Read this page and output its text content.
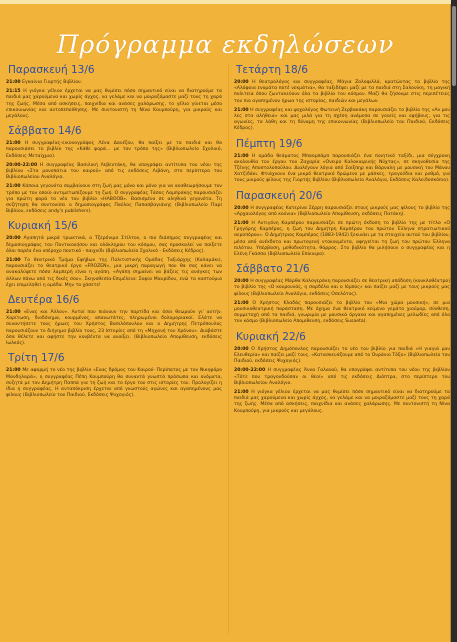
Πρόγραμμα εκδηλώσεων
Παρασκευή 13/6
21:00 Εγκαίνια Γιορτής Βιβλίου.
21:15 Η γιόγκα γέλιου έρχεται να μας θυμίσει πόσο σημαντικό είναι να διατηρούμε τα παιδιά μας χαρούμενα και χωρίς άγχος, να γελάμε και να μοιραζόμαστε μαζί τους τη χαρά της ζωής. Μέσα από ασκήσεις, παιχνίδια και ανάσες χαλάρωσης, το γέλιο γίνεται μέσο επικοινωνίας και αυτοπεποίθησης. Με συντονιστή τη Νίνα Κουμπούρη, για μικρούς και μεγάλους.
Σάββατο 14/6
21:00 Η συγγραφέας-εικονογράφος Λένα Δανέζου, θα παίξει με τα παιδιά και θα παρουσιάσει το βιβλίο της «Κάθε φορά… με τον τρόπο της» (Βιβλιοπωλείο Σχολικό, Εκδόσεις Μεταίχμιο).
20:00-22:00 Η συγγραφέας Βασιλική Λεβεντάκη, θα υπογράφει αντίτυπα του νέου της βιβλίου «Στα μονοπάτια του καιρού» από τις εκδόσεις Λιβάνη, στο περίπτερο του Βιβλιοπωλείου Αναλόγιο.
21:00 Κάποια γεγονότα συμβαίνουν στη ζωή μας μόνο και μόνο για να αναθεωρήσουμε τον τρόπο με τον οποίο αντιμετωπίζουμε τη ζωή. Ο συγγραφέας Τάσος Λαμπράκης παρουσιάζει για πρώτη φορά το νέο του βιβλίο «ΗΑΒΟΟΒ». Βασισμένο σε αληθινά γεγονότα. Τη συζήτηση θα συντονίσει ο δημοσιογράφος Παύλος Παπασβαγιάνης (Βιβλιοπωλείο Παρί Βιβλίου, εκδόσεις andy's publishers).
Κυριακή 15/6
20:00 Αγαπητά μικρά τρωκτικά, ο Τζερόνιμο Στίλτον, ο πιο διάσημος συγγραφέας και δημοσιογράφος του Ποντικονήσου και ολόκληρου του κόσμου, σας προσκαλεί να παίξετε όλοι παρέα ένα υπέροχο ποντικό - παιχνίδι (Βιβλιοπωλείο Σχολικό - Εκδόσεις Κέδρος).
21:00 Το θεατρικό Τμήμα Εφήβων της Πολιτιστικής Ομάδας Ταξιάρχης (Καλαμάκι), παρουσιάζει το θεατρικό έργο «FROZEN», μια μικρή παραγωγή που θα σας κάνει να ανακαλύψετε πόσο λαμπερή είναι η αγάπη. «Αγάπη σημαίνει να βάζεις τις ανάγκες των άλλων πάνω από τις δικές σου». Σκηνοθεσία-Επιμέλεια: Σοφία Μαυρίδου, ενώ τα κοστούμια έχει επιμεληθεί η ομάδα. Μην το χάσετε!
Δευτέρα 16/6
21:00 «Ενας και Άλλον». Αυτοί που πιάνουν την παρτίδα και όσοι θεωρούν γι' αυτήν. Χαρίτωση, διοδόνημα, κουρμένος, απανωτάτες, πληρωμένοι δολομοριακοί. Ελάτε να συναντήσετε τους ήρωες του Χρήστος Βασιλόπουλου και ο Δημήτρης Πετρόπουλος παρουσιάζουν τo διήγημα βιβλίο τους, 23 Ιστορίες από τη «Μηχανή του Χρόνου». Διαβάστε όσα θέλετε και αφήστε την κουβέντα να ανοίξει. (Βιβλιοπωλείο Απομίθευση, εκδόσεις Ιωλκός).
Τρίτη 17/6
21:00 Με αφορμή το νέο της βιβλίο «Ενας δρόμος του Καιρού- Περίπατος με τον Νικηφόρο Μανδηλαρά», η συγγραφέας Πέπη Κουμπούρη θα συναντά γνωστά πρόσωπα και ονόματα, συζητά με τον Δημήτρη Παππά για τη ζωή και το έργο του στις ιστορίες του. Προλογίζει η ίδια η συγγραφέας. Η ανταπόκριση έρχεται από γνωστούς αγώνες και αγαπημένους μας φίλους (Βιβλιοπωλείο του Παιδιού, Εκδόσεις Ψυχογιός).
Τετάρτη 18/6
20:00 Η θεατρολόγος και συγγραφέας, Μάγια Ζολοφιλλά, κρατώντας το βιβλίο της «Αλόφοια ενομάτα ποτέ νεκμάτια», θα ταξιδέψει μαζί με τα παιδιά στη Σαλονίκη, τη μαγική πολιτεία όπου ζωντανεύουν όλα τα βιβλία του κόσμου. Μαζί θα ζήσουμε στις περιπέτειες του πιο αγαπημένου ήρωα της ιστορίας, παιδιών και μεγάλων.
21:00 Η συγγραφέας και ψυχολόγος Φωτεινή Ζερβακάκη παρουσιάζει το βιβλίο της «Αν μου λες στα αλήθεια» και μας μιλά για τη σχέση ανάμεσα σε γονείς και εφήβους, για τις αγωνίες, τα λάθη και τη δύναμη της επικοινωνίας (Βιβλιοπωλείο του Παιδιού, Εκδόσεις Κέδρος).
Πέμπτη 19/6
21:00 Η ομάδα θεάματος Μπαομπάμπ παρουσιάζει ένα ποιητικό ταξίδι, μια σύγχρονη ακολουθία του έργου του Ζαχαρία «Ονειρο Καλοκαιρινής Νύχτας», σε σκηνοθεσία της Τζένης Αποστολοπούλου. Διαλέγουν λόγια από Σαίξπηρ και Βάρναλη με μουσική του Μάνου Χατζιδάκι. Φτιάχνουν ένα μικρό θεατρικό δρώμενο με μάσκες, τραγούδια και ρυθμό, για τους μικρούς φίλους της Γιορτής Βιβλίου (Βιβλιοπωλείο Αναλόγιο, Εκδόσεις Καλειδοσκόπιο).
Παρασκευή 20/6
20:00 Η συγγραφέας Κατερίνα Σέρρη παρουσιάζει στους μικρούς μας φίλους το βιβλίο της «Αρχαιολόγος από κούνια» (Βιβλιοπωλείο Απομίθευση, εκδόσεις Πατάκη).
21:00 Η Αντιγόνη Καμπέρου παρουσιάζει σε πρώτη έκδοση το βιβλίο της με τίτλο «Ο Γρηγόρης Καμπέρος, η ζωή του Δημήτρη Καμπέρου του πρώτου Έλληνα στρατιωτικού αεροπόρου». Ο Δημήτριος Καμπέρος (1883-1942) ξεκινάει με τα στοιχεία αυτού του βιβλίου, μέσα από ανέκδοτα και πρωτογενή ντοκουμέντα, αφηγείται τη ζωή του πρώτου Έλληνα πιλότου. Υπέρβαση, μεθοδικότητα, θάρρος. Στο βιβλίο θα μιλήσουν ο συγγραφέας και η Ελένη Γκάσσα (Βιβλιοπωλείο Επίκαιρο).
Σάββατο 21/6
20:00 Η συγγραφέας Μάρθα Καλογεράκη παρουσιάζει σε θεατρική απόδοση (κουκλοθέατρο) το βιβλίο της «Ο κουρουνάς, η σαρδέλα και ο Ιόμπος» και παίζει μαζί με τους μικρούς μας φίλους (Βιβλιοπωλείο Αναλόγιο, εκδόσεις Οσελότος).
21:00 Ο Χρήστος Κλαδάς παρουσιάζει το βιβλίο του «Μια χώρα μουσική», σε μια μουσικοθεατρική παράσταση. Με όχημα ένα θεατρικό κείμενο γεμάτο χιούμορ, σύνθεση, συμμετοχή από τα παιδιά, γνωριμία με μουσικά όργανα και αγαπημένες μελωδίες από όλο τον κόσμο (Βιβλιοπωλείο Απομίθευση, εκδόσεις Susaeta).
Κυριακή 22/6
20:00 Ο Χρήστος Δημόπουλος παρουσιάζει το νέο του βιβλίο για παιδιά «Η γιαγιά μου Ελευθερία» και παίζει μαζί τους. «Κατασκευάζουμε από το Ουράνιο Τόξο» (Βιβλιοπωλείο του Παιδιού, εκδόσεις Ψυχογιός).
20:00-22:00 Η συγγραφέας Άννα Γαλανού, θα υπογράφει αντίτυπα του νέου της βιβλίου «Τότε που τραγουδούσαν οι θεοί» από τις εκδόσεις Διόπτρα, στο περίπτερο του Βιβλιοπωλείου Αναλόγιο.
21:00 Η γιόγκα γέλιου έρχεται να μας θυμίσει πόσο σημαντικό είναι να διατηρούμε τα παιδιά μας χαρούμενα και χωρίς άγχος, να γελάμε και να μοιραζόμαστε μαζί τους τη χαρά της ζωής. Μέσα από ασκήσεις, παιχνίδια και ανάσες χαλάρωσης. Με συντονιστή τη Νίνα Κουμπούρη, για μικρούς και μεγάλους.
